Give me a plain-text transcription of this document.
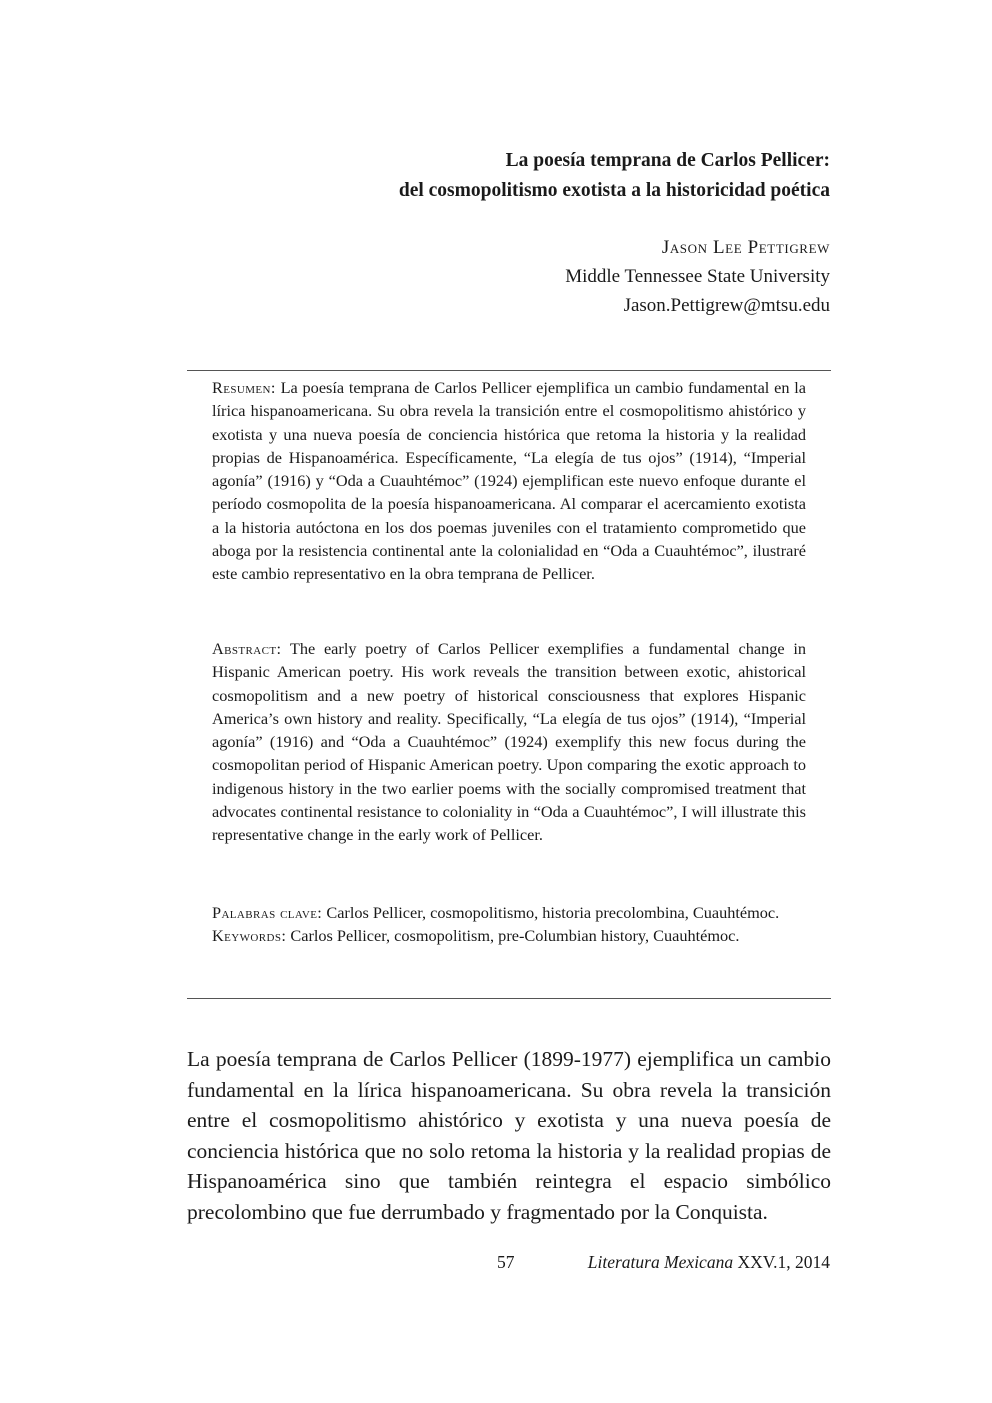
La poesía temprana de Carlos Pellicer:
del cosmopolitismo exotista a la historicidad poética
Jason Lee Pettigrew
Middle Tennessee State University
Jason.Pettigrew@mtsu.edu
Resumen: La poesía temprana de Carlos Pellicer ejemplifica un cambio fundamental en la lírica hispanoamericana. Su obra revela la transición entre el cosmopolitismo ahistórico y exotista y una nueva poesía de conciencia histórica que retoma la historia y la realidad propias de Hispanoamérica. Específicamente, “La elegía de tus ojos” (1914), “Imperial agonía” (1916) y “Oda a Cuauhtémoc” (1924) ejemplifican este nuevo enfoque durante el período cosmopolita de la poesía hispanoamericana. Al comparar el acercamiento exotista a la historia autóctona en los dos poemas juveniles con el tratamiento comprometido que aboga por la resistencia continental ante la colonialidad en “Oda a Cuauhtémoc”, ilustraré este cambio representativo en la obra temprana de Pellicer.
Abstract: The early poetry of Carlos Pellicer exemplifies a fundamental change in Hispanic American poetry. His work reveals the transition between exotic, ahistorical cosmopolitism and a new poetry of historical consciousness that explores Hispanic America’s own history and reality. Specifically, “La elegía de tus ojos” (1914), “Imperial agonía” (1916) and “Oda a Cuauhtémoc” (1924) exemplify this new focus during the cosmopolitan period of Hispanic American poetry. Upon comparing the exotic approach to indigenous history in the two earlier poems with the socially compromised treatment that advocates continental resistance to coloniality in “Oda a Cuauhtémoc”, I will illustrate this representative change in the early work of Pellicer.

Palabras clave: Carlos Pellicer, cosmopolitismo, historia precolombina, Cuauhtémoc.

Keywords: Carlos Pellicer, cosmopolitism, pre-Columbian history, Cuauhtémoc.

La poesía temprana de Carlos Pellicer (1899-1977) ejemplifica un cambio fundamental en la lírica hispanoamericana. Su obra revela la transición entre el cosmopolitismo ahistórico y exotista y una nueva poesía de conciencia histórica que no solo retoma la historia y la realidad propias de Hispanoamérica sino que también reintegra el espacio simbólico precolombino que fue derrumbado y fragmentado por la Conquista.
57	Literatura Mexicana XXV.1, 2014
